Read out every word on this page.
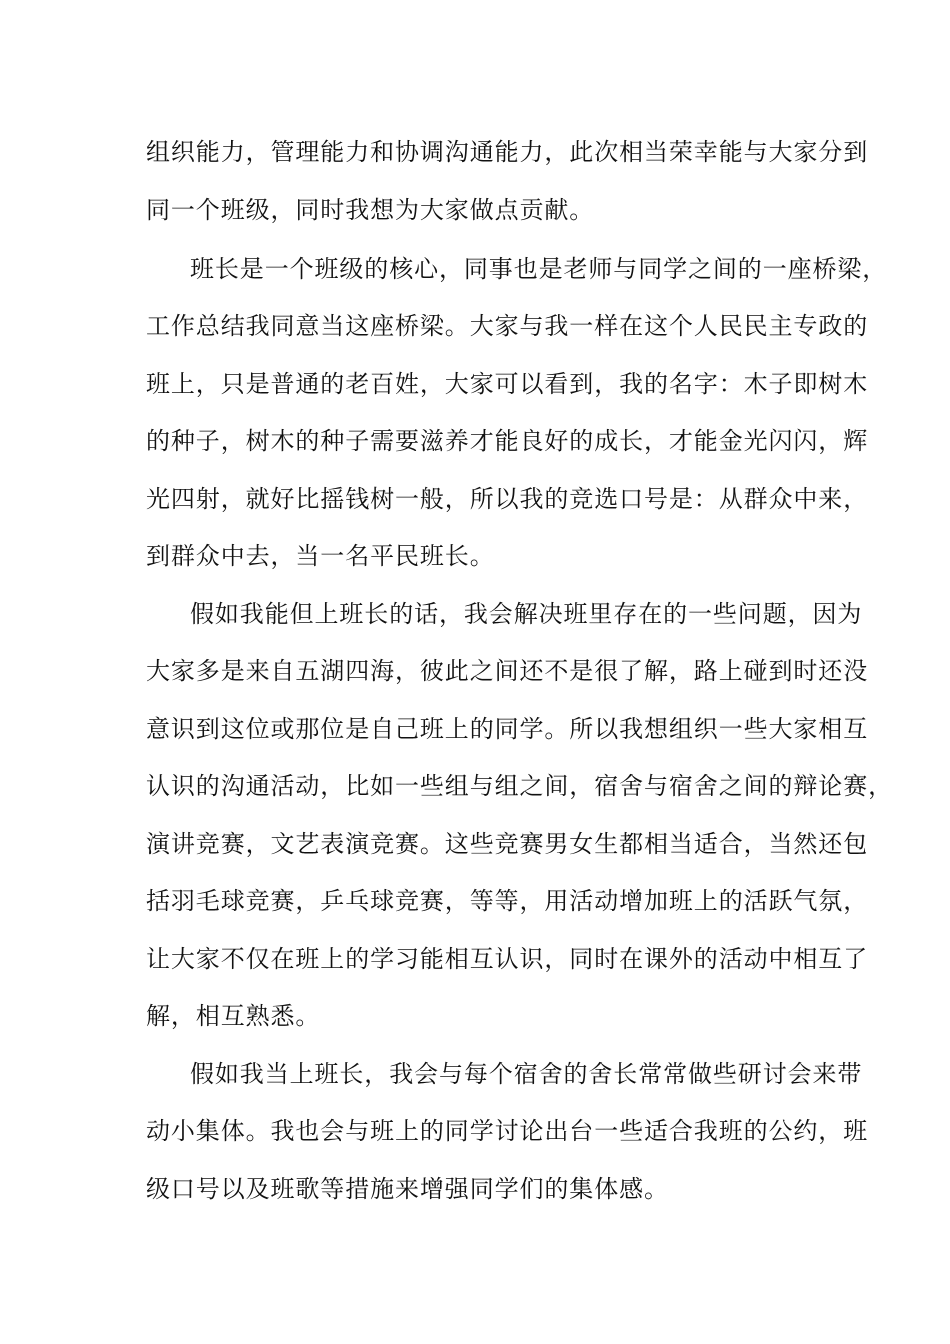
组织能力，管理能力和协调沟通能力，此次相当荣幸能与大家分到
同一个班级，同时我想为大家做点贡献。
班长是一个班级的核心，同事也是老师与同学之间的一座桥梁，
工作总结我同意当这座桥梁。大家与我一样在这个人民民主专政的
班上，只是普通的老百姓，大家可以看到，我的名字：木子即树木
的种子，树木的种子需要滋养才能良好的成长，才能金光闪闪，辉
光四射，就好比摇钱树一般，所以我的竞选口号是：从群众中来，
到群众中去，当一名平民班长。
假如我能但上班长的话，我会解决班里存在的一些问题，因为
大家多是来自五湖四海，彼此之间还不是很了解，路上碰到时还没
意识到这位或那位是自己班上的同学。所以我想组织一些大家相互
认识的沟通活动，比如一些组与组之间，宿舍与宿舍之间的辩论赛，
演讲竞赛，文艺表演竞赛。这些竞赛男女生都相当适合，当然还包
括羽毛球竞赛，乒乓球竞赛，等等，用活动增加班上的活跃气氛，
让大家不仅在班上的学习能相互认识，同时在课外的活动中相互了
解，相互熟悉。
假如我当上班长，我会与每个宿舍的舍长常常做些研讨会来带
动小集体。我也会与班上的同学讨论出台一些适合我班的公约，班
级口号以及班歌等措施来增强同学们的集体感。
